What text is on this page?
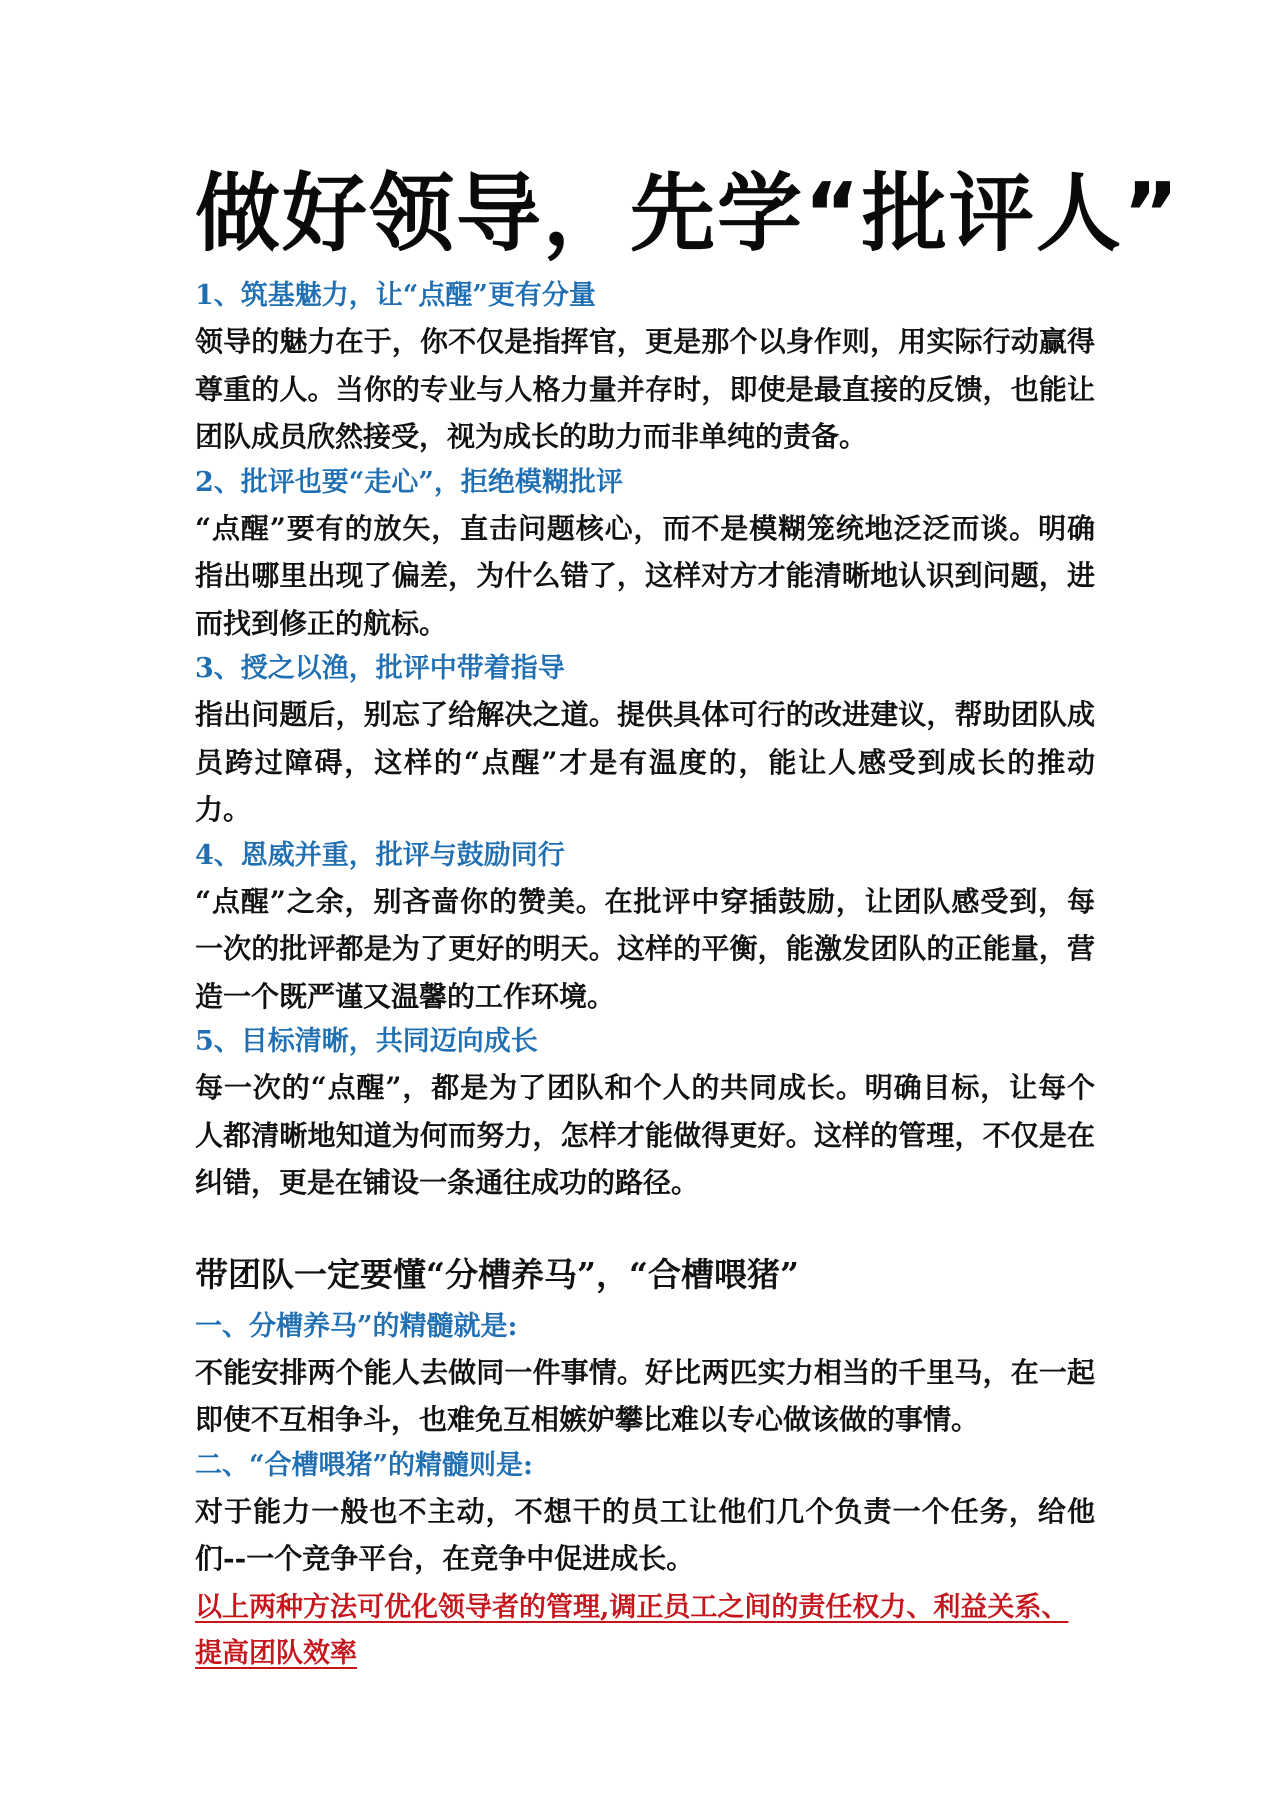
做好领导，先学“批评人”

1、筑基魅力，让“点醒”更有分量

领导的魅力在于，你不仅是指挥官，更是那个以身作则，用实际行动赢得尊重的人。当你的专业与人格力量并存时，即使是最直接的反馈，也能让团队成员欣然接受，视为成长的助力而非单纯的责备。

2、批评也要“走心”，拒绝模糊批评

“点醒”要有的放矢，直击问题核心，而不是模糊笼统地泛泛而谈。明确指出哪里出现了偏差，为什么错了，这样对方才能清晰地认识到问题，进而找到修正的航标。

3、授之以渔，批评中带着指导

指出问题后，别忘了给解决之道。提供具体可行的改进建议，帮助团队成员跨过障碍，这样的“点醒”才是有温度的，能让人感受到成长的推动力。

4、恩威并重，批评与鼓励同行

“点醒”之余，别吝啬你的赞美。在批评中穿插鼓励，让团队感受到，每一次的批评都是为了更好的明天。这样的平衡，能激发团队的正能量，营造一个既严谨又温馨的工作环境。

5、目标清晰，共同迈向成长

每一次的“点醒”，都是为了团队和个人的共同成长。明确目标，让每个人都清晰地知道为何而努力，怎样才能做得更好。这样的管理，不仅是在纠错，更是在铺设一条通往成功的路径。

带团队一定要懂“分槽养马”，“合槽喂猪”

一、分槽养马”的精髓就是:

不能安排两个能人去做同一件事情。好比两匹实力相当的千里马，在一起即使不互相争斗，也难免互相嫉妒攀比难以专心做该做的事情。

二、“合槽喂猪”的精髓则是:

对于能力一般也不主动，不想干的员工让他们几个负责一个任务，给他们--一个竞争平台，在竞争中促进成长。

以上两种方法可优化领导者的管理,调正员工之间的责任权力、利益关系、提高团队效率
